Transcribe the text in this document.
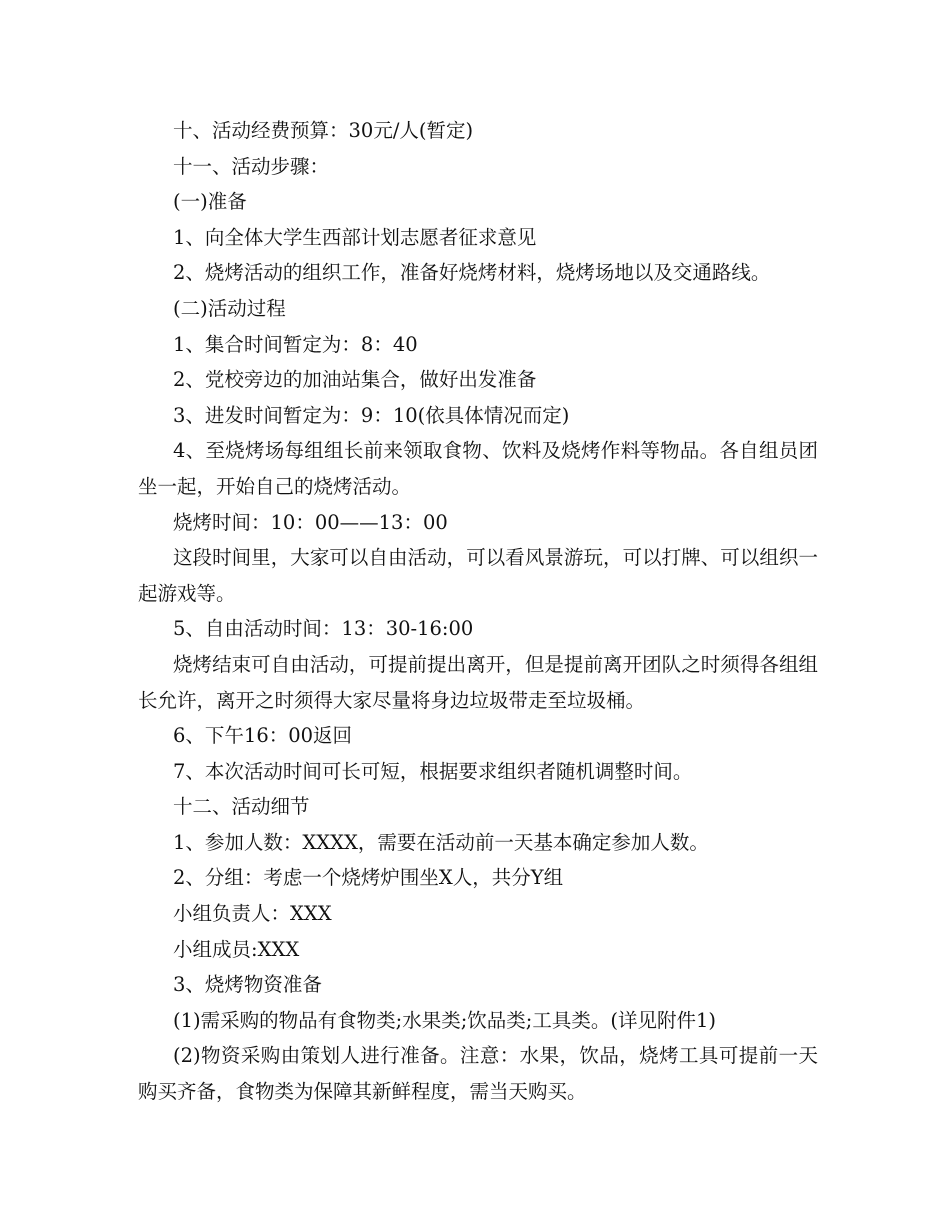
十、活动经费预算：30元/人(暂定)

十一、活动步骤：

(一)准备

1、向全体大学生西部计划志愿者征求意见

2、烧烤活动的组织工作，准备好烧烤材料，烧烤场地以及交通路线。

(二)活动过程

1、集合时间暂定为：8：40

2、党校旁边的加油站集合，做好出发准备

3、进发时间暂定为：9：10(依具体情况而定)

4、至烧烤场每组组长前来领取食物、饮料及烧烤作料等物品。各自组员团坐一起，开始自己的烧烤活动。

烧烤时间：10：00——13：00

这段时间里，大家可以自由活动，可以看风景游玩，可以打牌、可以组织一起游戏等。

5、自由活动时间：13：30-16:00

烧烤结束可自由活动，可提前提出离开，但是提前离开团队之时须得各组组长允许，离开之时须得大家尽量将身边垃圾带走至垃圾桶。

6、下午16：00返回

7、本次活动时间可长可短，根据要求组织者随机调整时间。

十二、活动细节

1、参加人数：XXXX，需要在活动前一天基本确定参加人数。

2、分组：考虑一个烧烤炉围坐X人，共分Y组

小组负责人：XXX

小组成员:XXX

3、烧烤物资准备

(1)需采购的物品有食物类;水果类;饮品类;工具类。(详见附件1)

(2)物资采购由策划人进行准备。注意：水果，饮品，烧烤工具可提前一天购买齐备，食物类为保障其新鲜程度，需当天购买。
